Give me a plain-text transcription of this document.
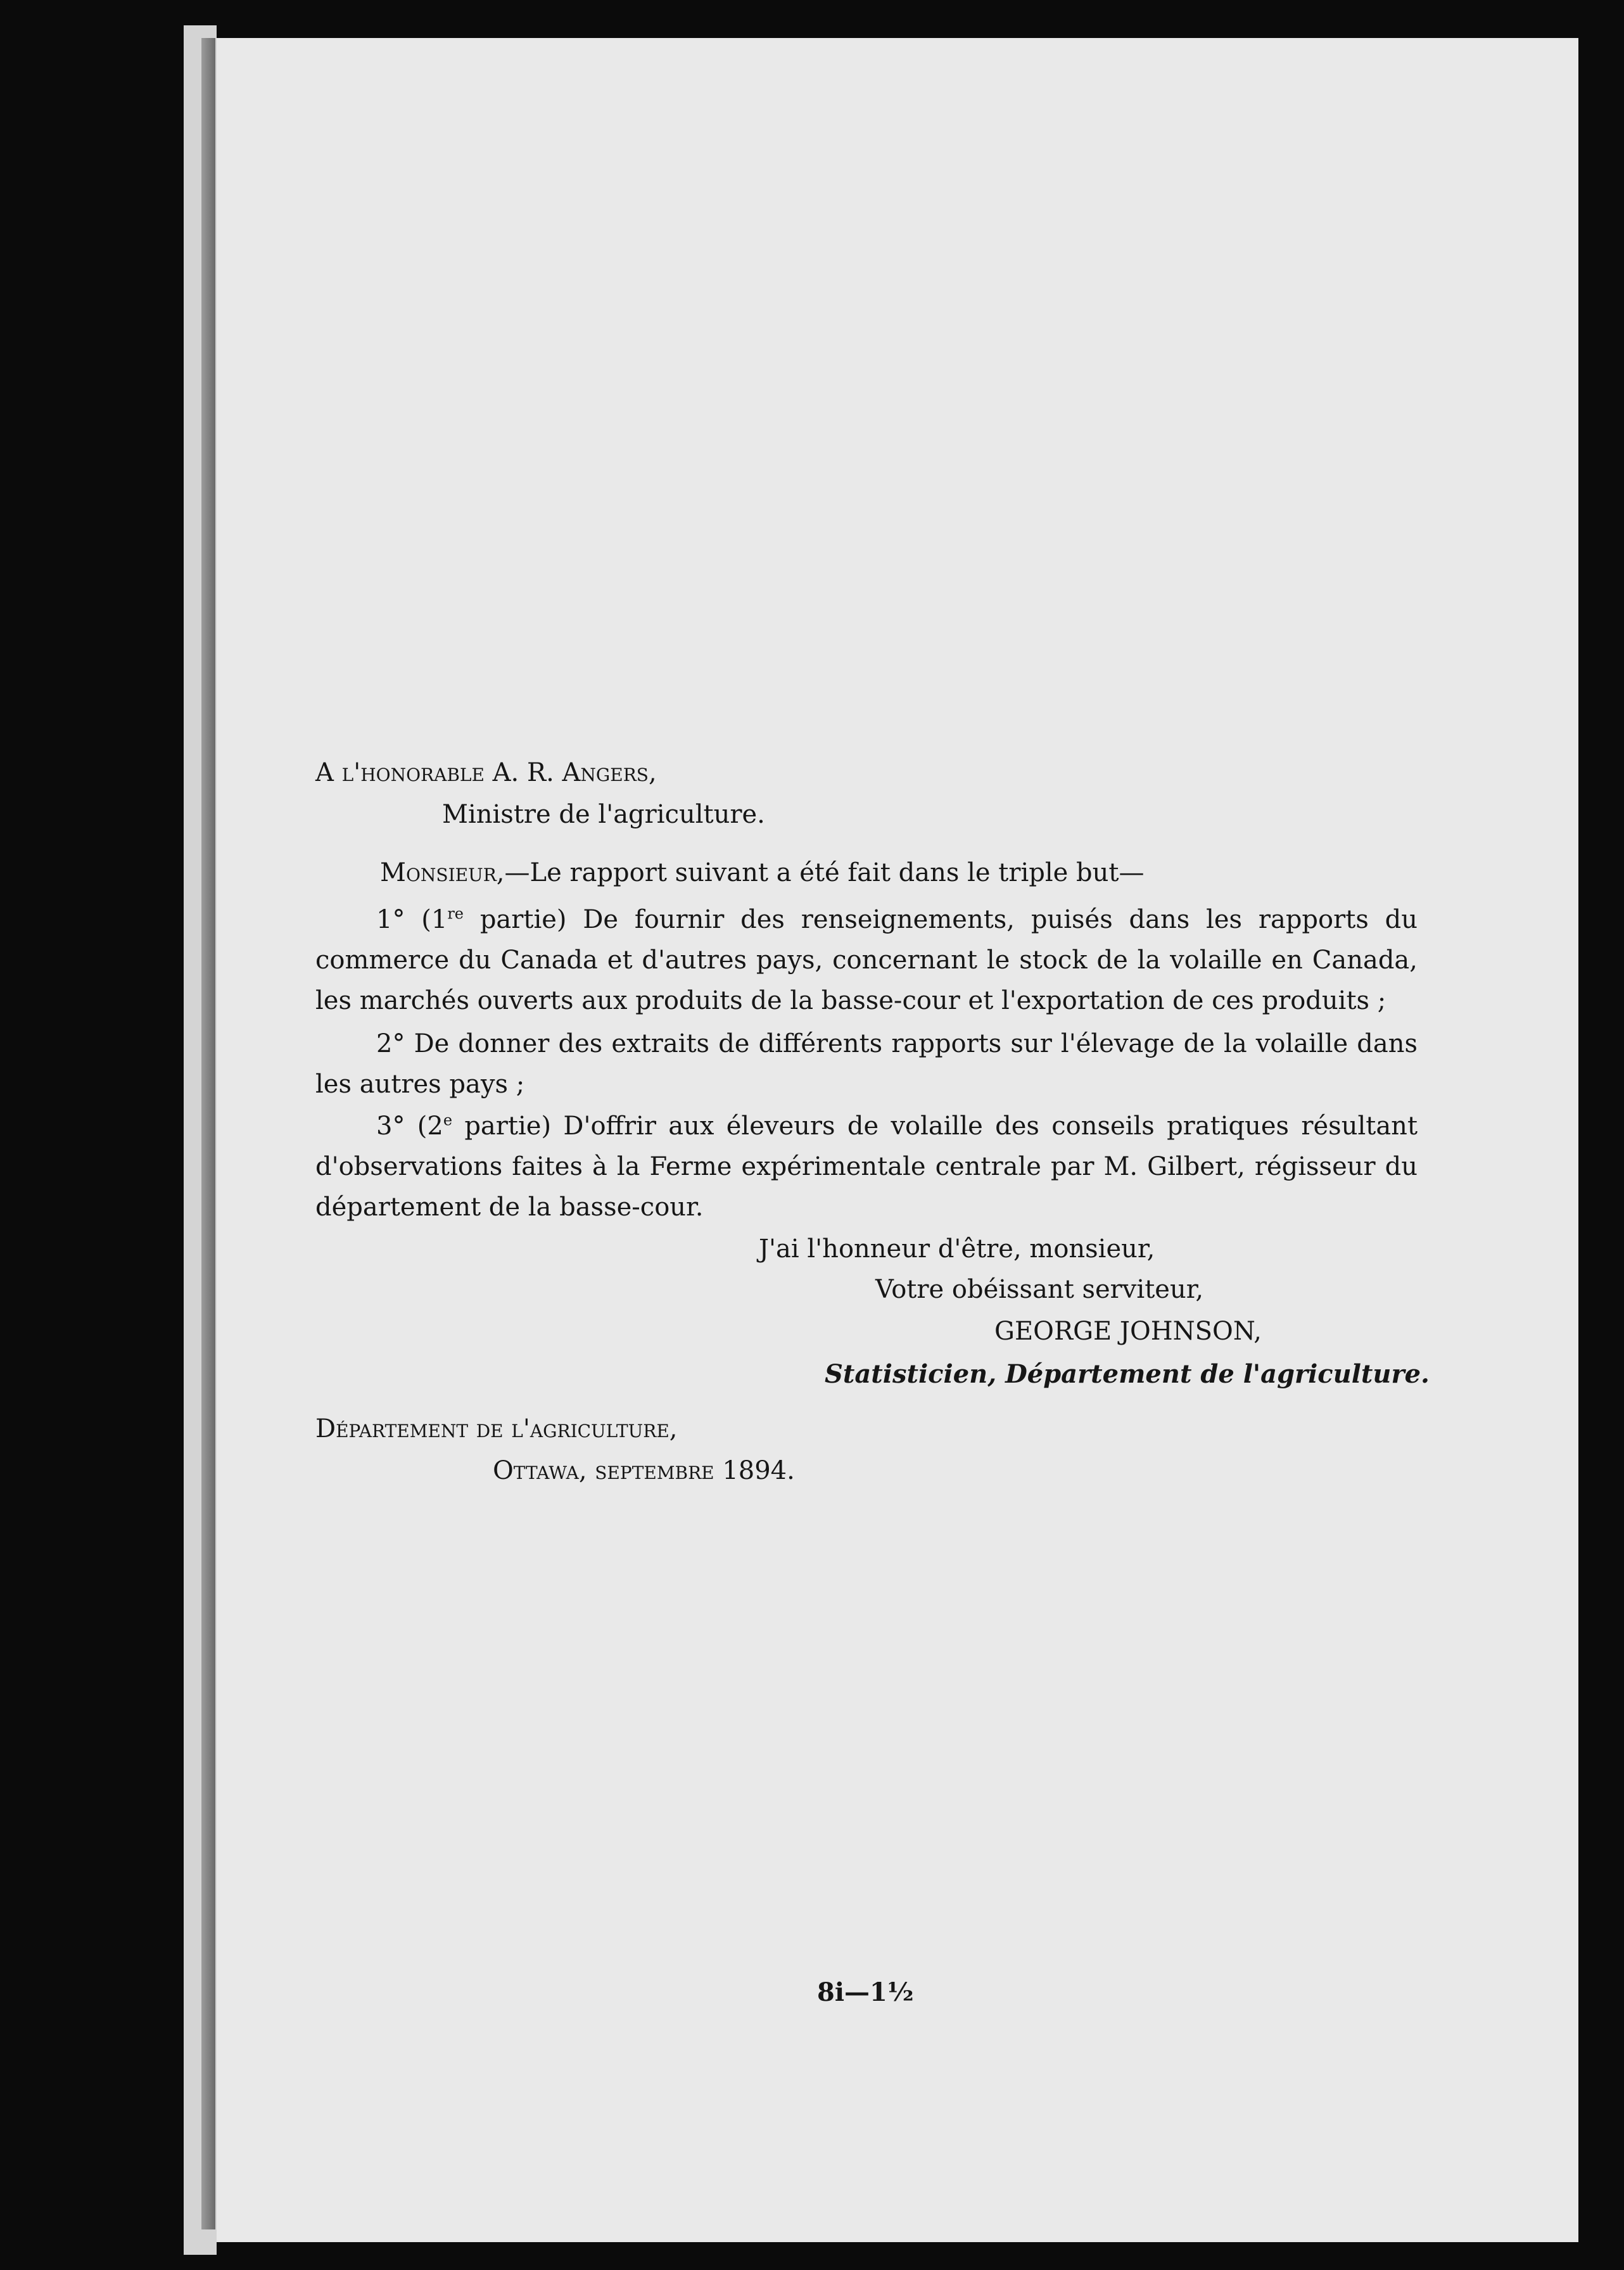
A l'honorable A. R. Angers,
Ministre de l'agriculture.
Monsieur,—Le rapport suivant a été fait dans le triple but—
1° (1re partie) De fournir des renseignements, puisés dans les rapports du commerce du Canada et d'autres pays, concernant le stock de la volaille en Canada, les marchés ouverts aux produits de la basse-cour et l'exportation de ces produits ;
2° De donner des extraits de différents rapports sur l'élevage de la volaille dans les autres pays ;
3° (2e partie) D'offrir aux éleveurs de volaille des conseils pratiques résultant d'observations faites à la Ferme expérimentale centrale par M. Gilbert, régisseur du département de la basse-cour.
J'ai l'honneur d'être, monsieur,
Votre obéissant serviteur,
GEORGE JOHNSON,
Statisticien, Département de l'agriculture.
Département de l'agriculture,
Ottawa, septembre 1894.
8i—1½
